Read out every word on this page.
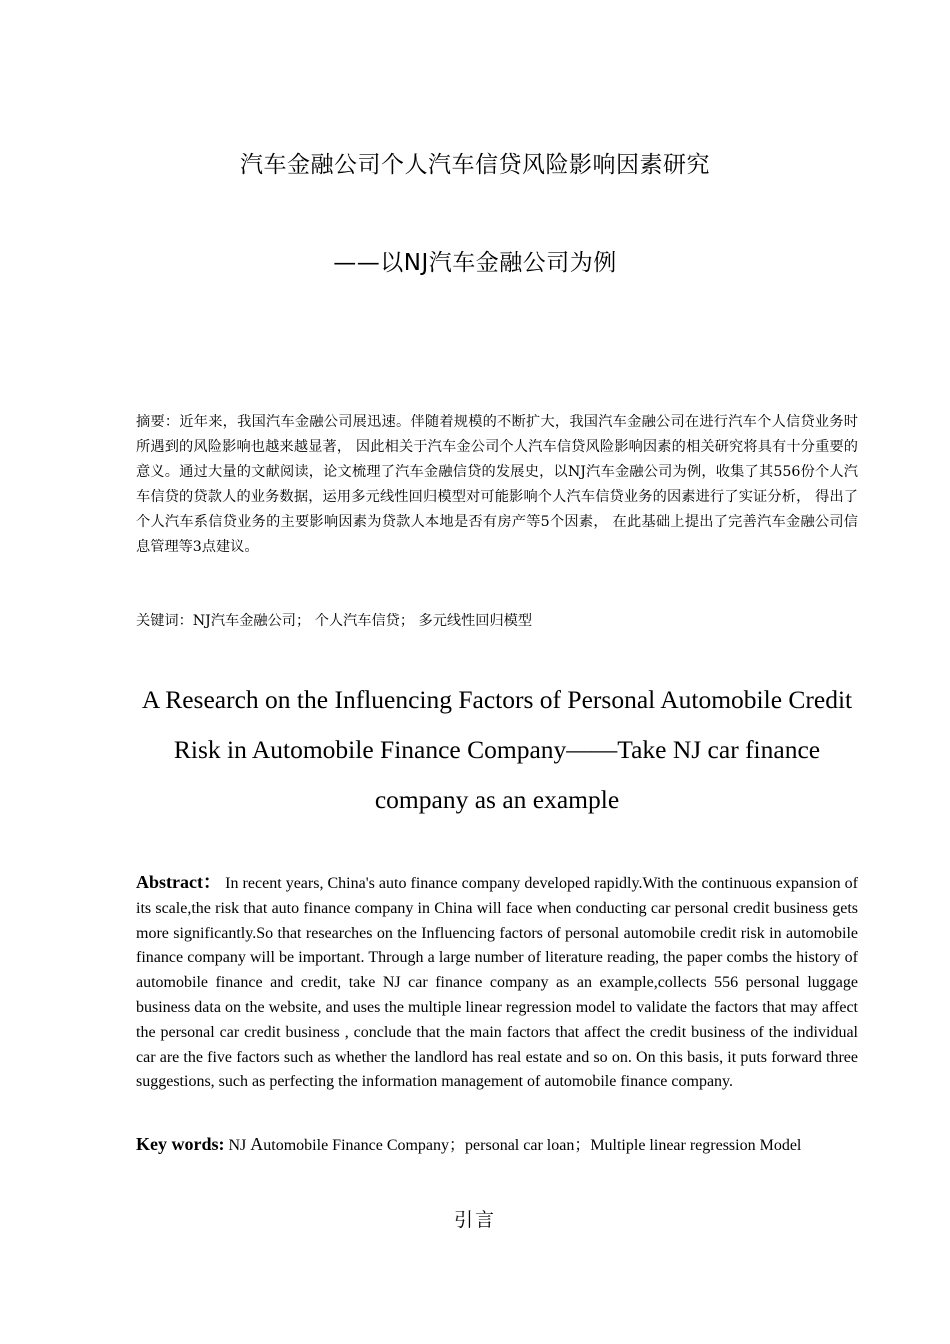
汽车金融公司个人汽车信贷风险影响因素研究
——以NJ汽车金融公司为例
摘要：近年来，我国汽车金融公司展迅速。伴随着规模的不断扩大，我国汽车金融公司在进行汽车个人信贷业务时所遇到的风险影响也越来越显著， 因此相关于汽车金公司个人汽车信贷风险影响因素的相关研究将具有十分重要的意义。通过大量的文献阅读，论文梳理了汽车金融信贷的发展史，以NJ汽车金融公司为例，收集了其556份个人汽车信贷的贷款人的业务数据，运用多元线性回归模型对可能影响个人汽车信贷业务的因素进行了实证分析， 得出了个人汽车系信贷业务的主要影响因素为贷款人本地是否有房产等5个因素， 在此基础上提出了完善汽车金融公司信息管理等3点建议。
关键词：NJ汽车金融公司； 个人汽车信贷； 多元线性回归模型
A Research on the Influencing Factors of Personal Automobile Credit Risk in Automobile Finance Company——Take NJ car finance company as an example
Abstract： In recent years, China's auto finance company developed rapidly.With the continuous expansion of its scale,the risk that auto finance company in China will face when conducting car personal credit business gets more significantly.So that researches on the Influencing factors of personal automobile credit risk in automobile finance company will be important. Through a large number of literature reading, the paper combs the history of automobile finance and credit, take NJ car finance company as an example,collects 556 personal luggage business data on the website, and uses the multiple linear regression model to validate the factors that may affect the personal car credit business , conclude that the main factors that affect the credit business of the individual car are the five factors such as whether the landlord has real estate and so on. On this basis, it puts forward three suggestions, such as perfecting the information management of automobile finance company.
Key words: NJ Automobile Finance Company；personal car loan；Multiple linear regression Model
引言
